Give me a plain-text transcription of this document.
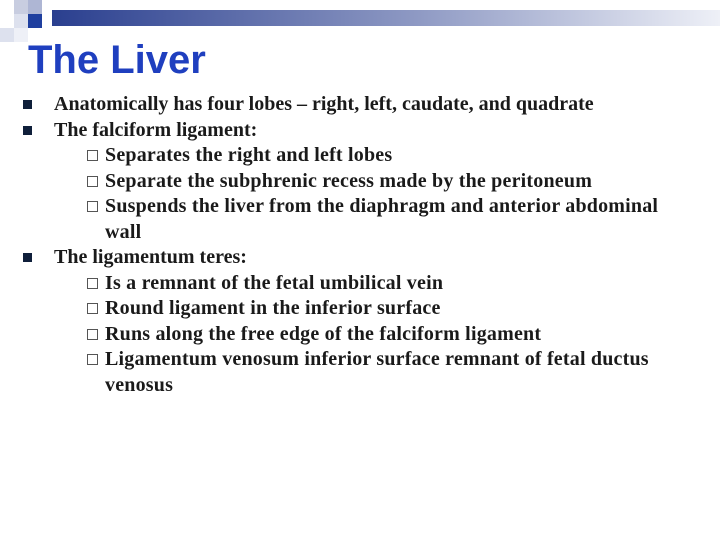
The Liver
Anatomically has four lobes – right, left, caudate, and quadrate
The falciform ligament:
Separates the right and left lobes
Separate the subphrenic recess made by the peritoneum
Suspends the liver from the diaphragm and anterior abdominal wall
The ligamentum teres:
Is a remnant of the fetal umbilical vein
Round ligament in the inferior surface
Runs along the free edge of the falciform ligament
Ligamentum venosum inferior surface remnant of fetal ductus venosus
